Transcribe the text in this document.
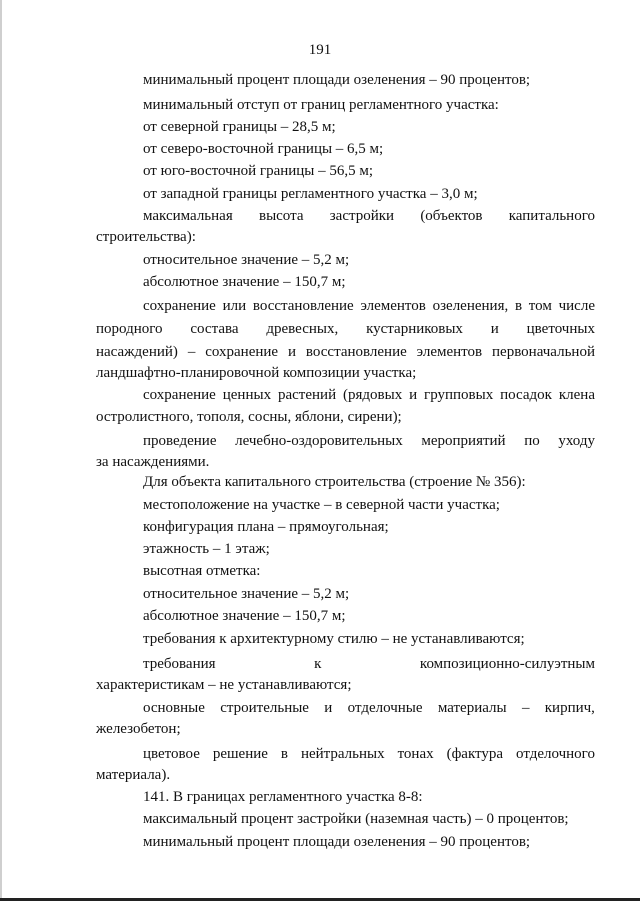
191
минимальный процент площади озеленения – 90 процентов;
минимальный отступ от границ регламентного участка:
от северной границы – 28,5 м;
от северо-восточной границы – 6,5 м;
от юго-восточной границы – 56,5 м;
от западной границы регламентного участка – 3,0 м;
максимальная высота застройки (объектов капитального
строительства):
относительное значение – 5,2 м;
абсолютное значение – 150,7 м;
сохранение или восстановление элементов озеленения, в том числе
породного состава древесных, кустарниковых и цветочных
насаждений) – сохранение и восстановление элементов первоначальной
ландшафтно-планировочной композиции участка;
сохранение ценных растений (рядовых и групповых посадок клена
остролистного, тополя, сосны, яблони, сирени);
проведение лечебно-оздоровительных мероприятий по уходу
за насаждениями.
Для объекта капитального строительства (строение № 356):
местоположение на участке – в северной части участка;
конфигурация плана – прямоугольная;
этажность – 1 этаж;
высотная отметка:
относительное значение – 5,2 м;
абсолютное значение – 150,7 м;
требования к архитектурному стилю – не устанавливаются;
требования	к	композиционно-силуэтным
характеристикам – не устанавливаются;
основные строительные и отделочные материалы – кирпич,
железобетон;
цветовое решение в нейтральных тонах (фактура отделочного
материала).
141. В границах регламентного участка 8-8:
максимальный процент застройки (наземная часть) – 0 процентов;
минимальный процент площади озеленения – 90 процентов;
